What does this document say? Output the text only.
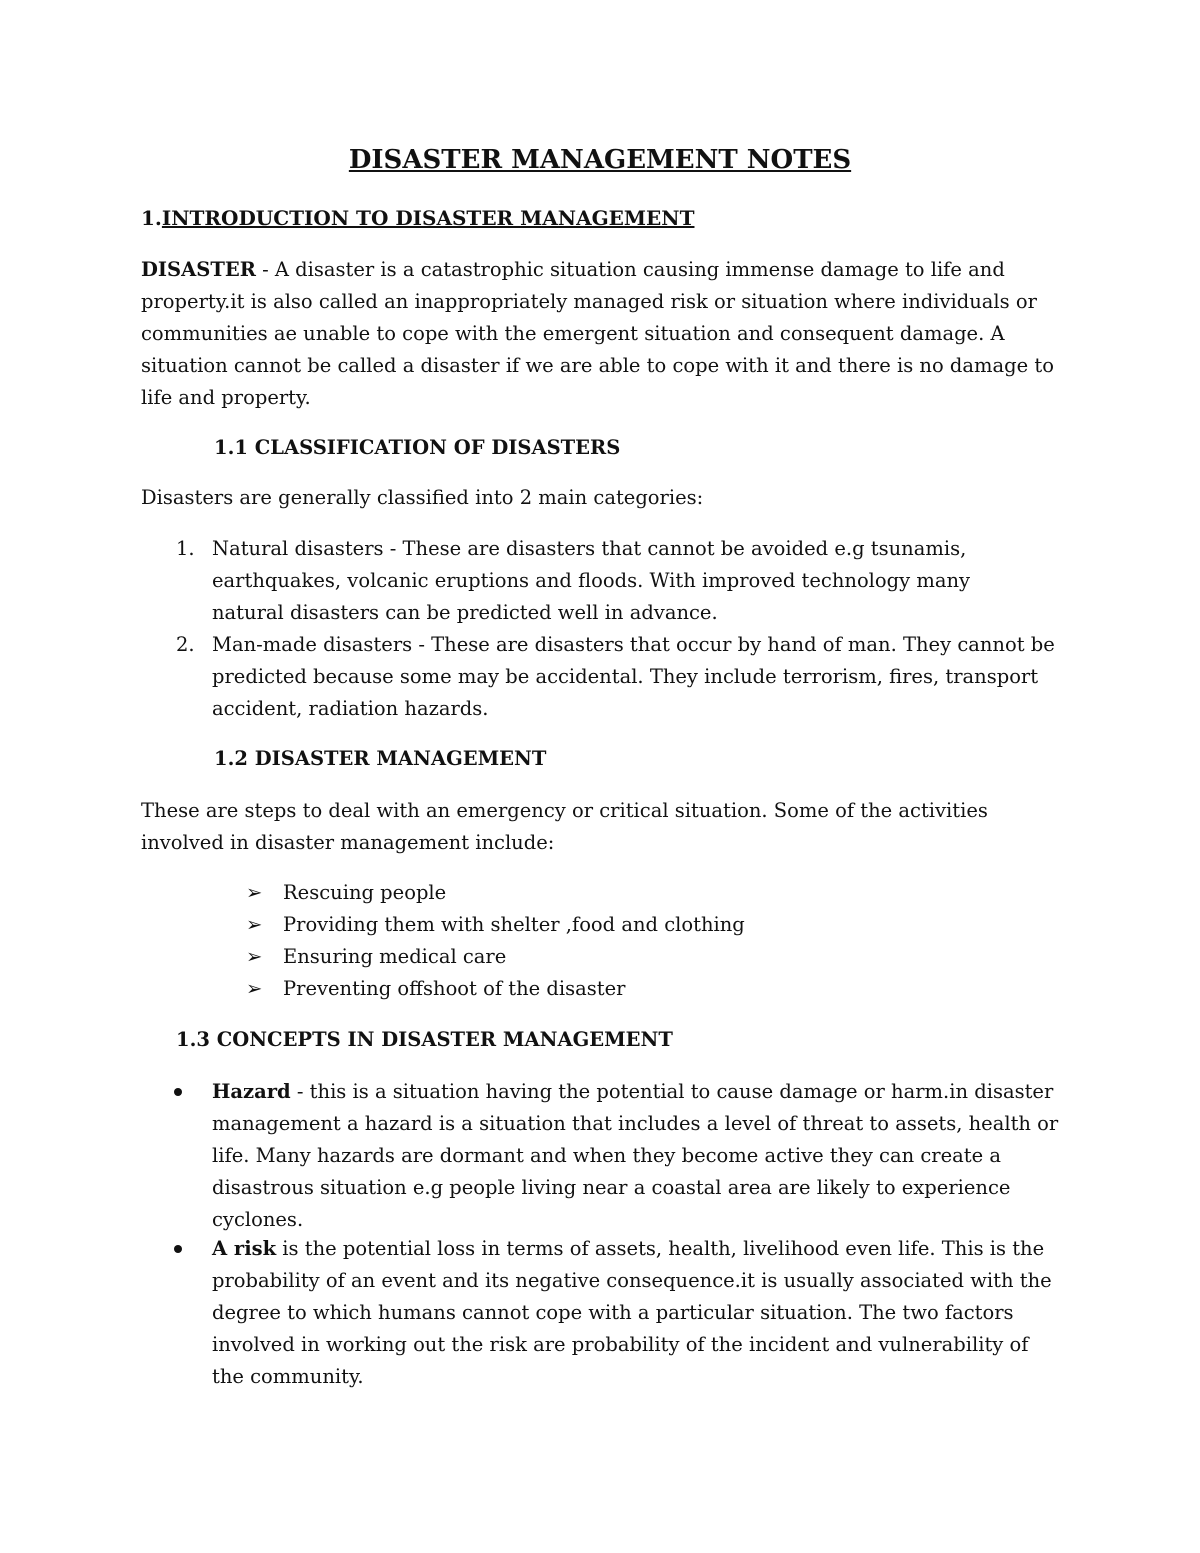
DISASTER MANAGEMENT NOTES
1.INTRODUCTION TO DISASTER MANAGEMENT
DISASTER - A disaster is a catastrophic situation causing immense damage to life and
property.it is also called an inappropriately managed risk or situation where individuals or
communities ae unable to cope with the emergent situation and consequent damage. A
situation cannot be called a disaster if we are able to cope with it and there is no damage to
life and property.
1.1 CLASSIFICATION OF DISASTERS
Disasters are generally classified into 2 main categories:
1. Natural disasters - These are disasters that cannot be avoided e.g tsunamis,
earthquakes, volcanic eruptions and floods. With improved technology many
natural disasters can be predicted well in advance.
2. Man-made disasters - These are disasters that occur by hand of man. They cannot be
predicted because some may be accidental. They include terrorism, fires, transport
accident, radiation hazards.
1.2 DISASTER MANAGEMENT
These are steps to deal with an emergency or critical situation. Some of the activities
involved in disaster management include:
➢
➢
➢
➢
Rescuing people
Providing them with shelter ,food and clothing
Ensuring medical care
Preventing offshoot of the disaster
1.3 CONCEPTS IN DISASTER MANAGEMENT
Hazard - this is a situation having the potential to cause damage or harm.in disaster
management a hazard is a situation that includes a level of threat to assets, health or
life. Many hazards are dormant and when they become active they can create a
disastrous situation e.g people living near a coastal area are likely to experience
cyclones.
A risk is the potential loss in terms of assets, health, livelihood even life. This is the
probability of an event and its negative consequence.it is usually associated with the
degree to which humans cannot cope with a particular situation. The two factors
involved in working out the risk are probability of the incident and vulnerability of
the community.
